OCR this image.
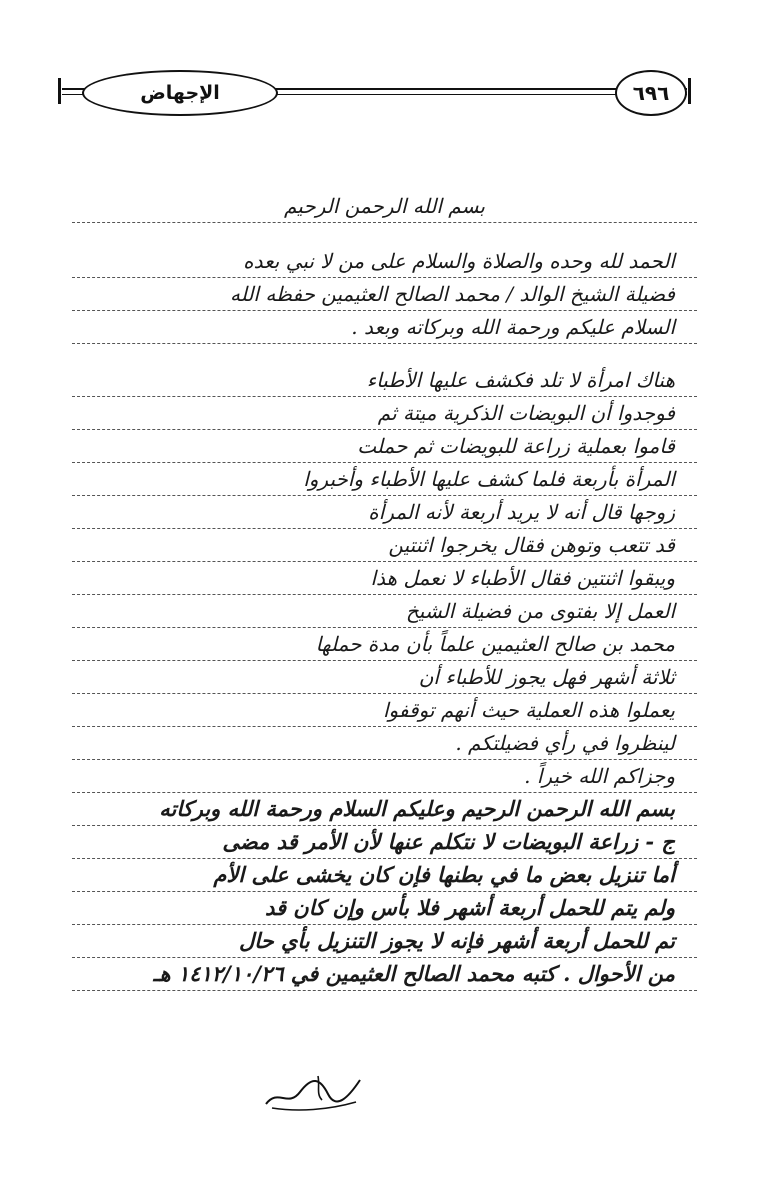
الإجهاض	٦٩٦
بسم الله الرحمن الرحيم
الحمد لله وحده والصلاة والسلام على من لا نبي بعده
فضيلة الشيخ الوالد / محمد الصالح العثيمين حفظه الله
السلام عليكم ورحمة الله وبركاته وبعد .
هناك امرأة لا تلد فكشف عليها الأطباء
فوجدوا أن البويضات الذكرية ميتة ثم
قاموا بعملية زراعة للبويضات ثم حملت
المرأة بأربعة فلما كشف عليها الأطباء وأخبروا
زوجها قال أنه لا يريد أربعة لأنه المرأة
قد تتعب وتوهن فقال يخرجوا اثنتين
ويبقوا اثنتين فقال الأطباء لا نعمل هذا
العمل إلا بفتوى من فضيلة الشيخ
محمد بن صالح العثيمين علماً بأن مدة حملها
ثلاثة أشهر فهل يجوز للأطباء أن
يعملوا هذه العملية حيث أنهم توقفوا
لينظروا في رأي فضيلتكم .
وجزاكم الله خيراً .
بسم الله الرحمن الرحيم وعليكم السلام ورحمة الله وبركاته
ج - زراعة البويضات لا نتكلم عنها لأن الأمر قد مضى
أما تنزيل بعض ما في بطنها فإن كان يخشى على الأم
ولم يتم للحمل أربعة أشهر فلا بأس وإن كان قد
تم للحمل أربعة أشهر فإنه لا يجوز التنزيل بأي حال
من الأحوال . كتبه محمد الصالح العثيمين في ١٤١٢/١٠/٢٦ هـ
